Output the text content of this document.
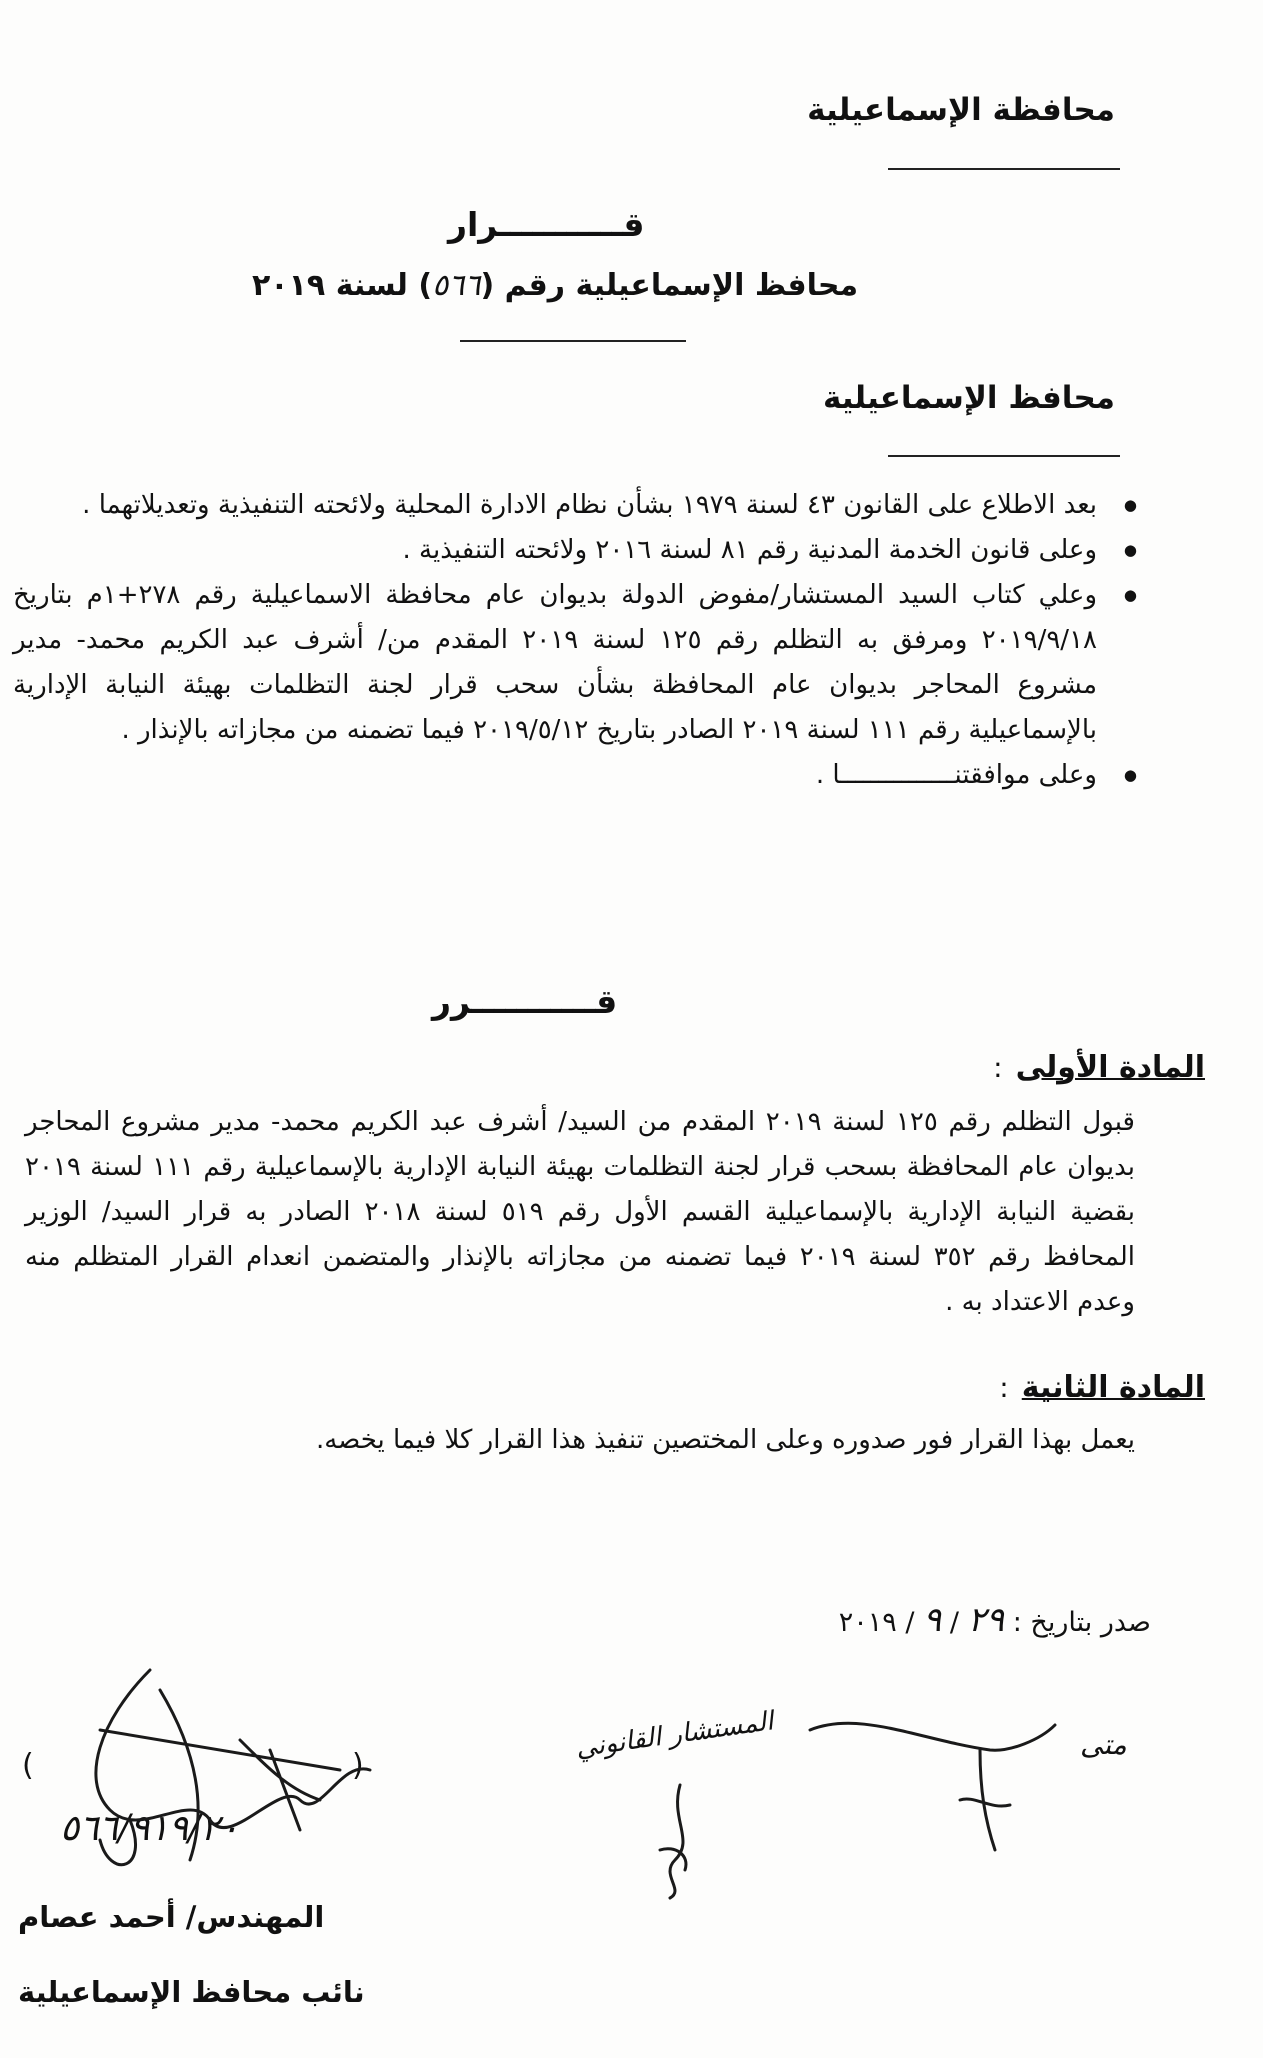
محافظة الإسماعيلية
قـــــــــــرار
محافظ الإسماعيلية رقم (٥٦٦) لسنة ٢٠١٩
محافظ الإسماعيلية
● بعد الاطلاع على القانون ٤٣ لسنة ١٩٧٩ بشأن نظام الادارة المحلية ولائحته التنفيذية وتعديلاتهما .
● وعلى قانون الخدمة المدنية رقم ٨١ لسنة ٢٠١٦ ولائحته التنفيذية .
● وعلي كتاب السيد المستشار/مفوض الدولة بديوان عام محافظة الاسماعيلية رقم ٢٧٨+١م بتاريخ ٢٠١٩/٩/١٨ ومرفق به التظلم رقم ١٢٥ لسنة ٢٠١٩ المقدم من/ أشرف عبد الكريم محمد- مدير مشروع المحاجر بديوان عام المحافظة بشأن سحب قرار لجنة التظلمات بهيئة النيابة الإدارية بالإسماعيلية رقم ١١١ لسنة ٢٠١٩ الصادر بتاريخ ٢٠١٩/٥/١٢ فيما تضمنه من مجازاته بالإنذار .
● وعلى موافقتنـــــــــــــــا .
قـــــــــــرر
المادة الأولى :
قبول التظلم رقم ١٢٥ لسنة ٢٠١٩ المقدم من السيد/ أشرف عبد الكريم محمد- مدير مشروع المحاجر بديوان عام المحافظة بسحب قرار لجنة التظلمات بهيئة النيابة الإدارية بالإسماعيلية رقم ١١١ لسنة ٢٠١٩ بقضية النيابة الإدارية بالإسماعيلية القسم الأول رقم ٥١٩ لسنة ٢٠١٨ الصادر به قرار السيد/ الوزير المحافظ رقم ٣٥٢ لسنة ٢٠١٩ فيما تضمنه من مجازاته بالإنذار والمتضمن انعدام القرار المتظلم منه وعدم الاعتداد به .
المادة الثانية :
يعمل بهذا القرار فور صدوره وعلى المختصين تنفيذ هذا القرار كلا فيما يخصه.
صدر بتاريخ : ٢٩ / ٩ / ٢٠١٩
متى
المستشار القانوني
٥٦٦/٩١٩/٢٠
(	)
المهندس/ أحمد عصام
نائب محافظ الإسماعيلية
